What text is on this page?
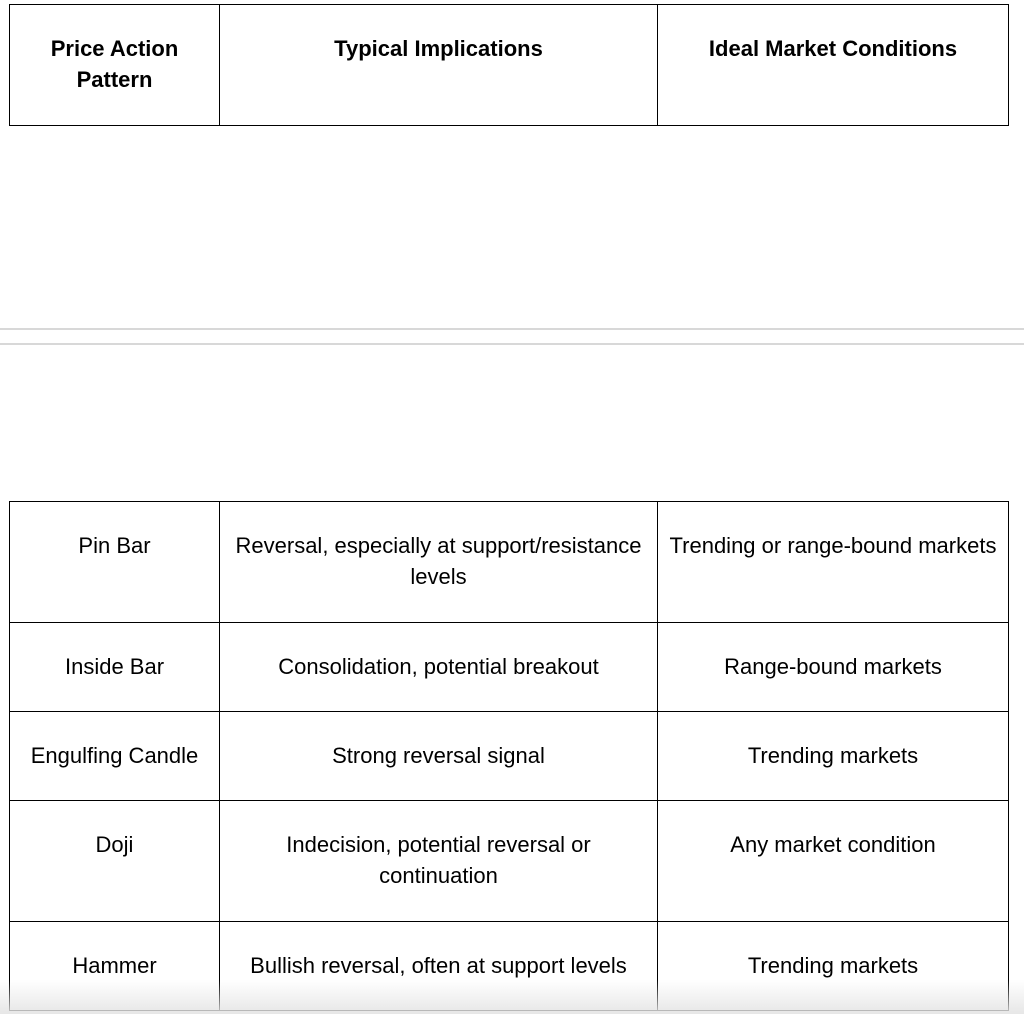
Price Action Pattern	Typical Implications	Ideal Market Conditions
Pin Bar	Reversal, especially at support/resistance levels	Trending or range-bound markets
Inside Bar	Consolidation, potential breakout	Range-bound markets
Engulfing Candle	Strong reversal signal	Trending markets
Doji	Indecision, potential reversal or continuation	Any market condition
Hammer	Bullish reversal, often at support levels	Trending markets
